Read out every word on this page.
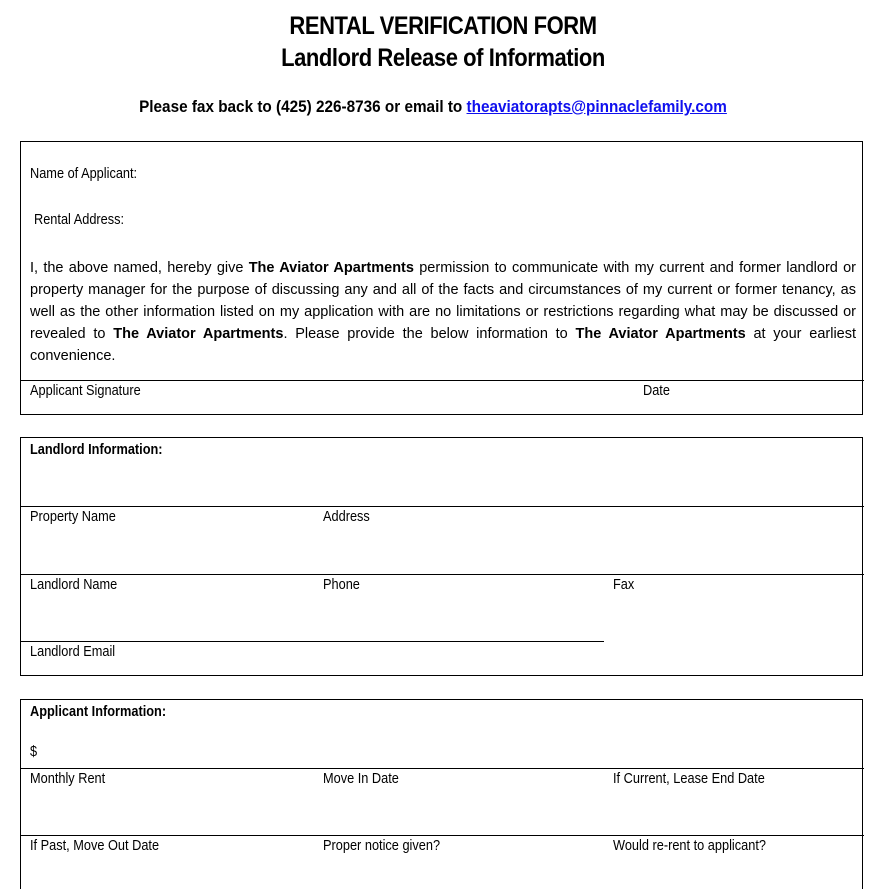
RENTAL VERIFICATION FORM
Landlord Release of Information
Please fax back to (425) 226-8736 or email to theaviatorapts@pinnaclefamily.com
Name of Applicant:
Rental Address:
I, the above named, hereby give The Aviator Apartments permission to communicate with my current and former landlord or property manager for the purpose of discussing any and all of the facts and circumstances of my current or former tenancy, as well as the other information listed on my application with are no limitations or restrictions regarding what may be discussed or revealed to The Aviator Apartments. Please provide the below information to The Aviator Apartments at your earliest convenience.
Applicant Signature	Date
Landlord Information:
Property Name	Address
Landlord Name	Phone	Fax
Landlord Email
Applicant Information:
$
Monthly Rent	Move In Date	If Current, Lease End Date
If Past, Move Out Date	Proper notice given?	Would re-rent to applicant?
